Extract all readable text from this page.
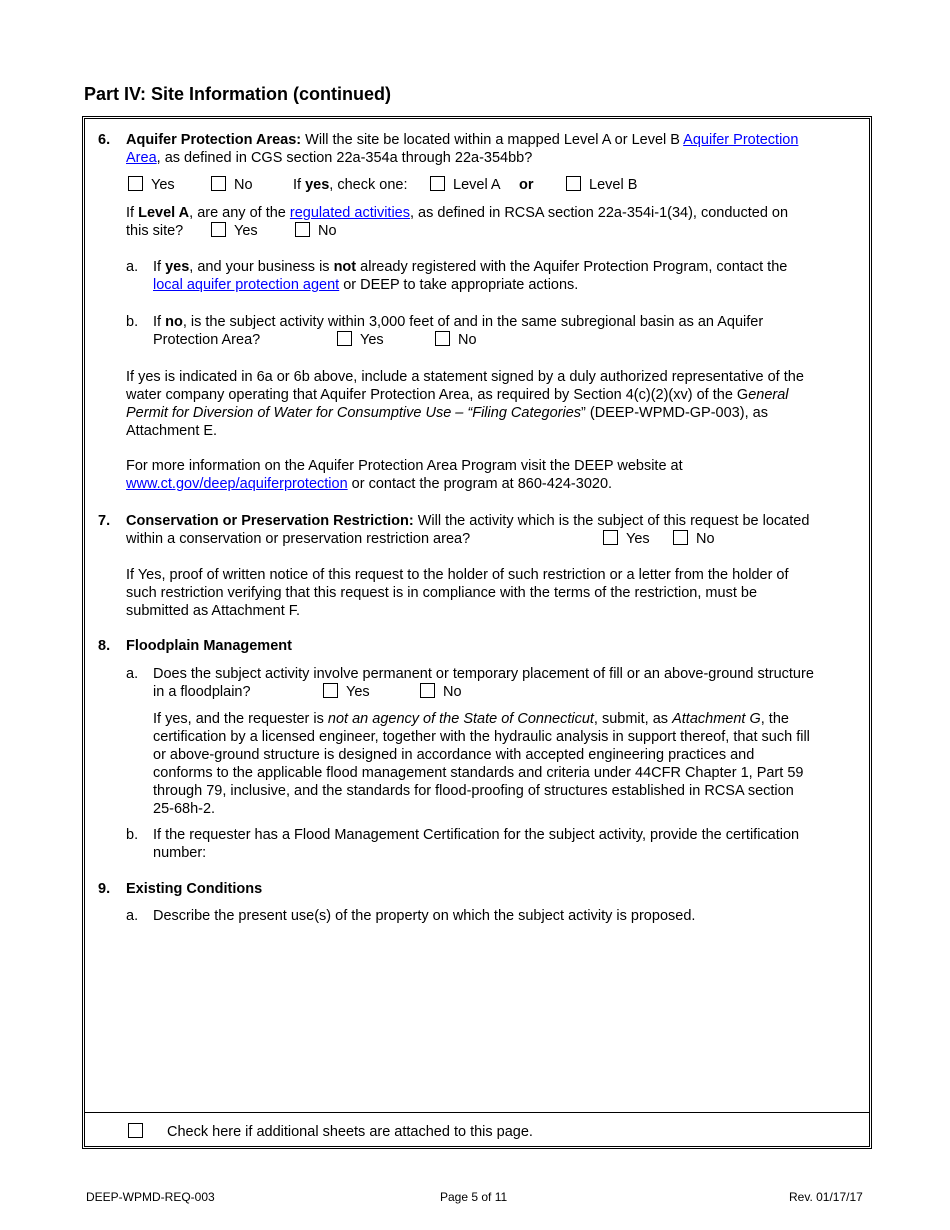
Part IV: Site Information (continued)
6. Aquifer Protection Areas: Will the site be located within a mapped Level A or Level B Aquifer Protection
Area, as defined in CGS section 22a-354a through 22a-354bb?
Yes	No	If yes, check one:	Level A or	Level B
If Level A, are any of the regulated activities, as defined in RCSA section 22a-354i-1(34), conducted on
this site?	Yes	No
a. If yes, and your business is not already registered with the Aquifer Protection Program, contact the
local aquifer protection agent or DEEP to take appropriate actions.
b. If no, is the subject activity within 3,000 feet of and in the same subregional basin as an Aquifer
Protection Area?	Yes	No
If yes is indicated in 6a or 6b above, include a statement signed by a duly authorized representative of the
water company operating that Aquifer Protection Area, as required by Section 4(c)(2)(xv) of the General
Permit for Diversion of Water for Consumptive Use – “Filing Categories” (DEEP-WPMD-GP-003), as
Attachment E.
For more information on the Aquifer Protection Area Program visit the DEEP website at
www.ct.gov/deep/aquiferprotection or contact the program at 860-424-3020.
7. Conservation or Preservation Restriction: Will the activity which is the subject of this request be located
within a conservation or preservation restriction area?	Yes	No
If Yes, proof of written notice of this request to the holder of such restriction or a letter from the holder of
such restriction verifying that this request is in compliance with the terms of the restriction, must be
submitted as Attachment F.
8. Floodplain Management
a. Does the subject activity involve permanent or temporary placement of fill or an above-ground structure
in a floodplain?	Yes	No
If yes, and the requester is not an agency of the State of Connecticut, submit, as Attachment G, the
certification by a licensed engineer, together with the hydraulic analysis in support thereof, that such fill
or above-ground structure is designed in accordance with accepted engineering practices and
conforms to the applicable flood management standards and criteria under 44CFR Chapter 1, Part 59
through 79, inclusive, and the standards for flood-proofing of structures established in RCSA section
25-68h-2.
b. If the requester has a Flood Management Certification for the subject activity, provide the certification
number:
9. Existing Conditions
a. Describe the present use(s) of the property on which the subject activity is proposed.
Check here if additional sheets are attached to this page.
DEEP-WPMD-REQ-003	Page 5 of 11	Rev. 01/17/17
